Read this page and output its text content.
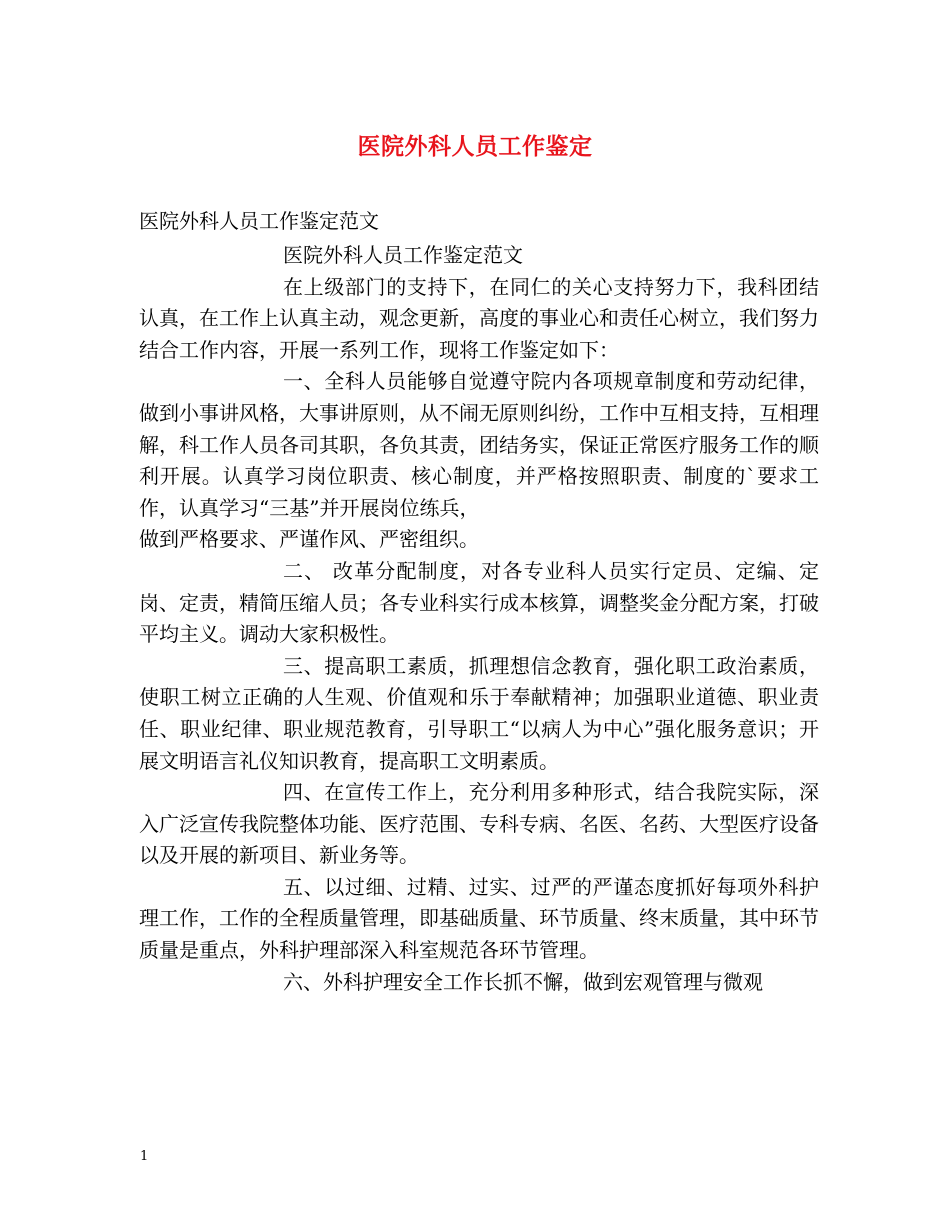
医院外科人员工作鉴定
医院外科人员工作鉴定范文

医院外科人员工作鉴定范文

在上级部门的支持下，在同仁的关心支持努力下，我科团结认真，在工作上认真主动，观念更新，高度的事业心和责任心树立，我们努力结合工作内容，开展一系列工作，现将工作鉴定如下：

一、全科人员能够自觉遵守院内各项规章制度和劳动纪律，做到小事讲风格，大事讲原则，从不闹无原则纠纷，工作中互相支持，互相理解，科工作人员各司其职，各负其责，团结务实，保证正常医疗服务工作的顺利开展。认真学习岗位职责、核心制度，并严格按照职责、制度的`要求工作，认真学习“三基”并开展岗位练兵，

做到严格要求、严谨作风、严密组织。

二、 改革分配制度，对各专业科人员实行定员、定编、定岗、定责，精简压缩人员；各专业科实行成本核算，调整奖金分配方案，打破平均主义。调动大家积极性。

三、提高职工素质，抓理想信念教育，强化职工政治素质，使职工树立正确的人生观、价值观和乐于奉献精神；加强职业道德、职业责任、职业纪律、职业规范教育，引导职工“以病人为中心”强化服务意识；开展文明语言礼仪知识教育，提高职工文明素质。

四、在宣传工作上，充分利用多种形式，结合我院实际，深入广泛宣传我院整体功能、医疗范围、专科专病、名医、名药、大型医疗设备以及开展的新项目、新业务等。

五、以过细、过精、过实、过严的严谨态度抓好每项外科护理工作，工作的全程质量管理，即基础质量、环节质量、终末质量，其中环节质量是重点，外科护理部深入科室规范各环节管理。

六、外科护理安全工作长抓不懈，做到宏观管理与微观

1
